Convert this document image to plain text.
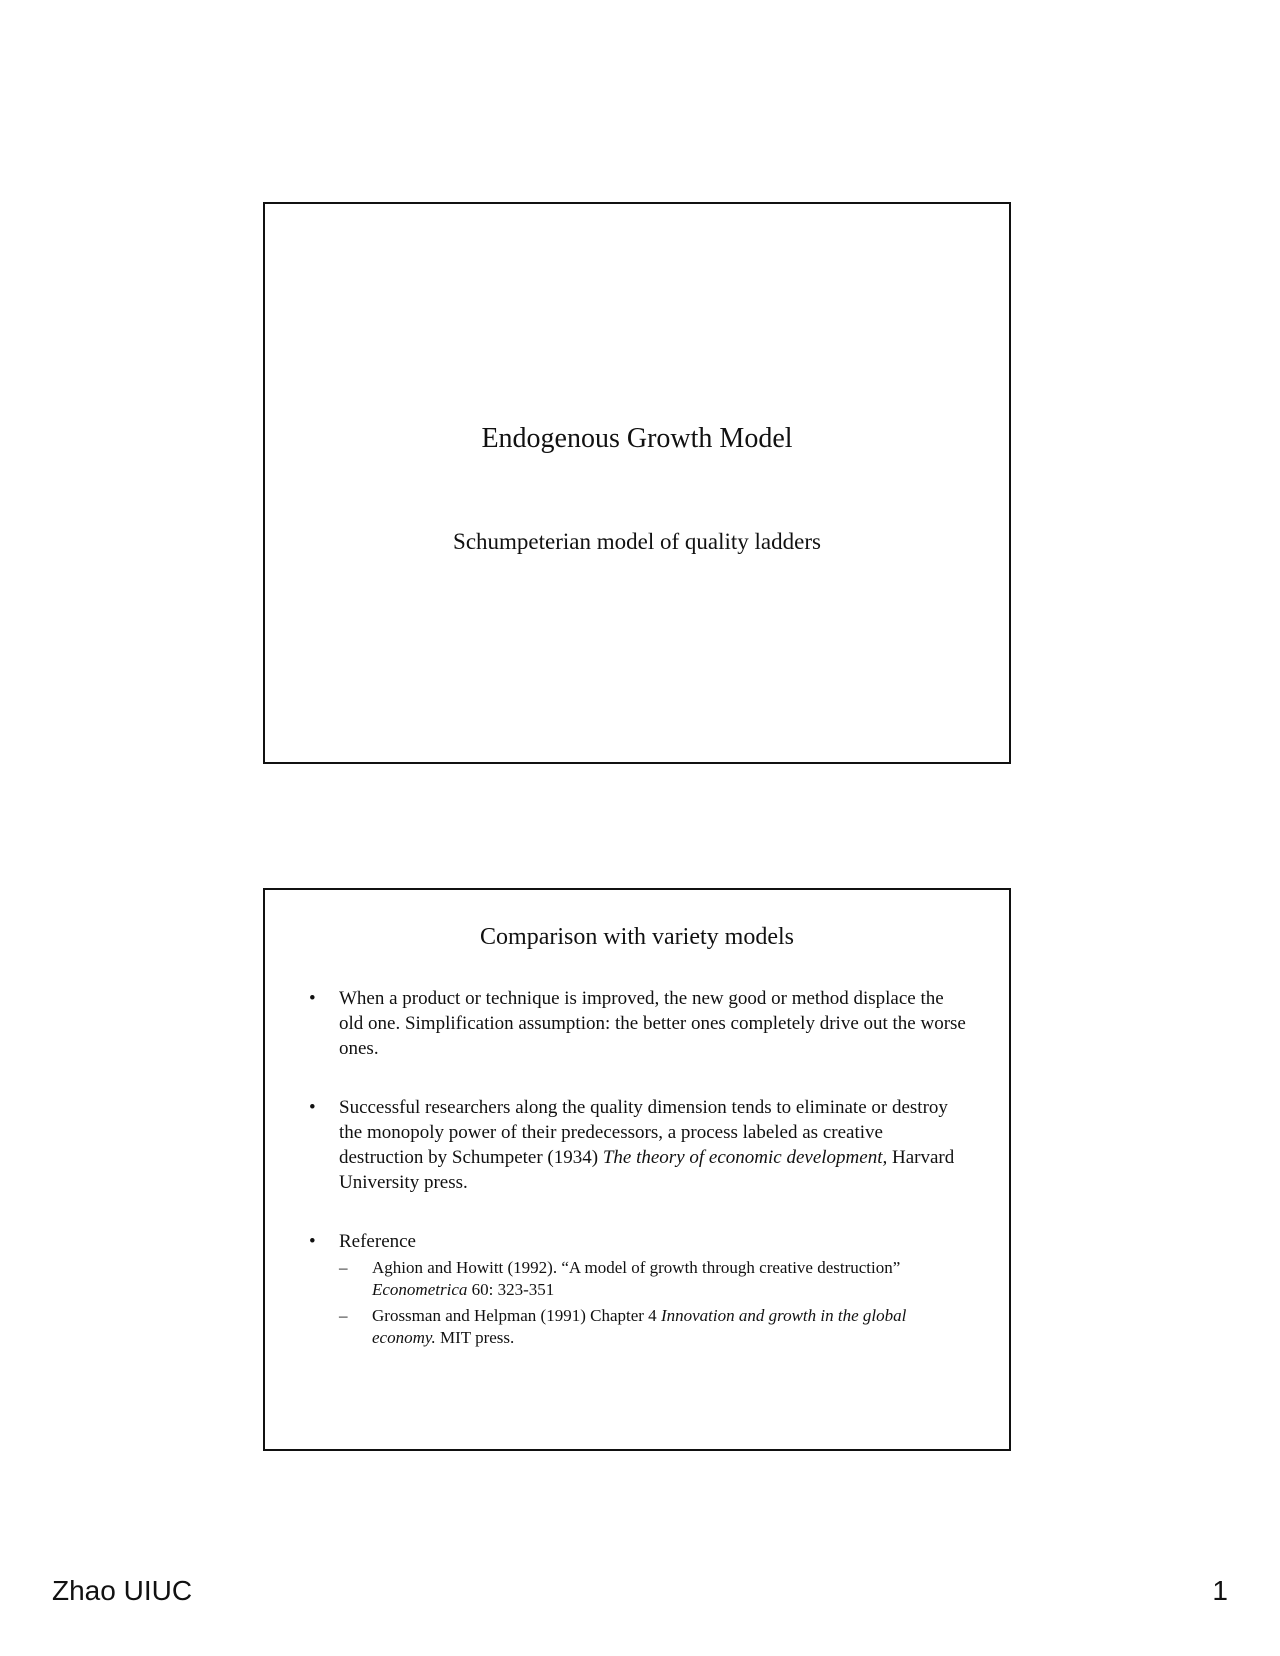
Endogenous Growth Model
Schumpeterian model of quality ladders
Comparison with variety models
• When a product or technique is improved, the new good or method displace the old one. Simplification assumption: the better ones completely drive out the worse ones.
• Successful researchers along the quality dimension tends to eliminate or destroy the monopoly power of their predecessors, a process labeled as creative destruction by Schumpeter (1934) The theory of economic development, Harvard University press.
• Reference
– Aghion and Howitt (1992). “A model of growth through creative destruction” Econometrica 60: 323-351
– Grossman and Helpman (1991) Chapter 4 Innovation and growth in the global economy. MIT press.
Zhao UIUC	1
